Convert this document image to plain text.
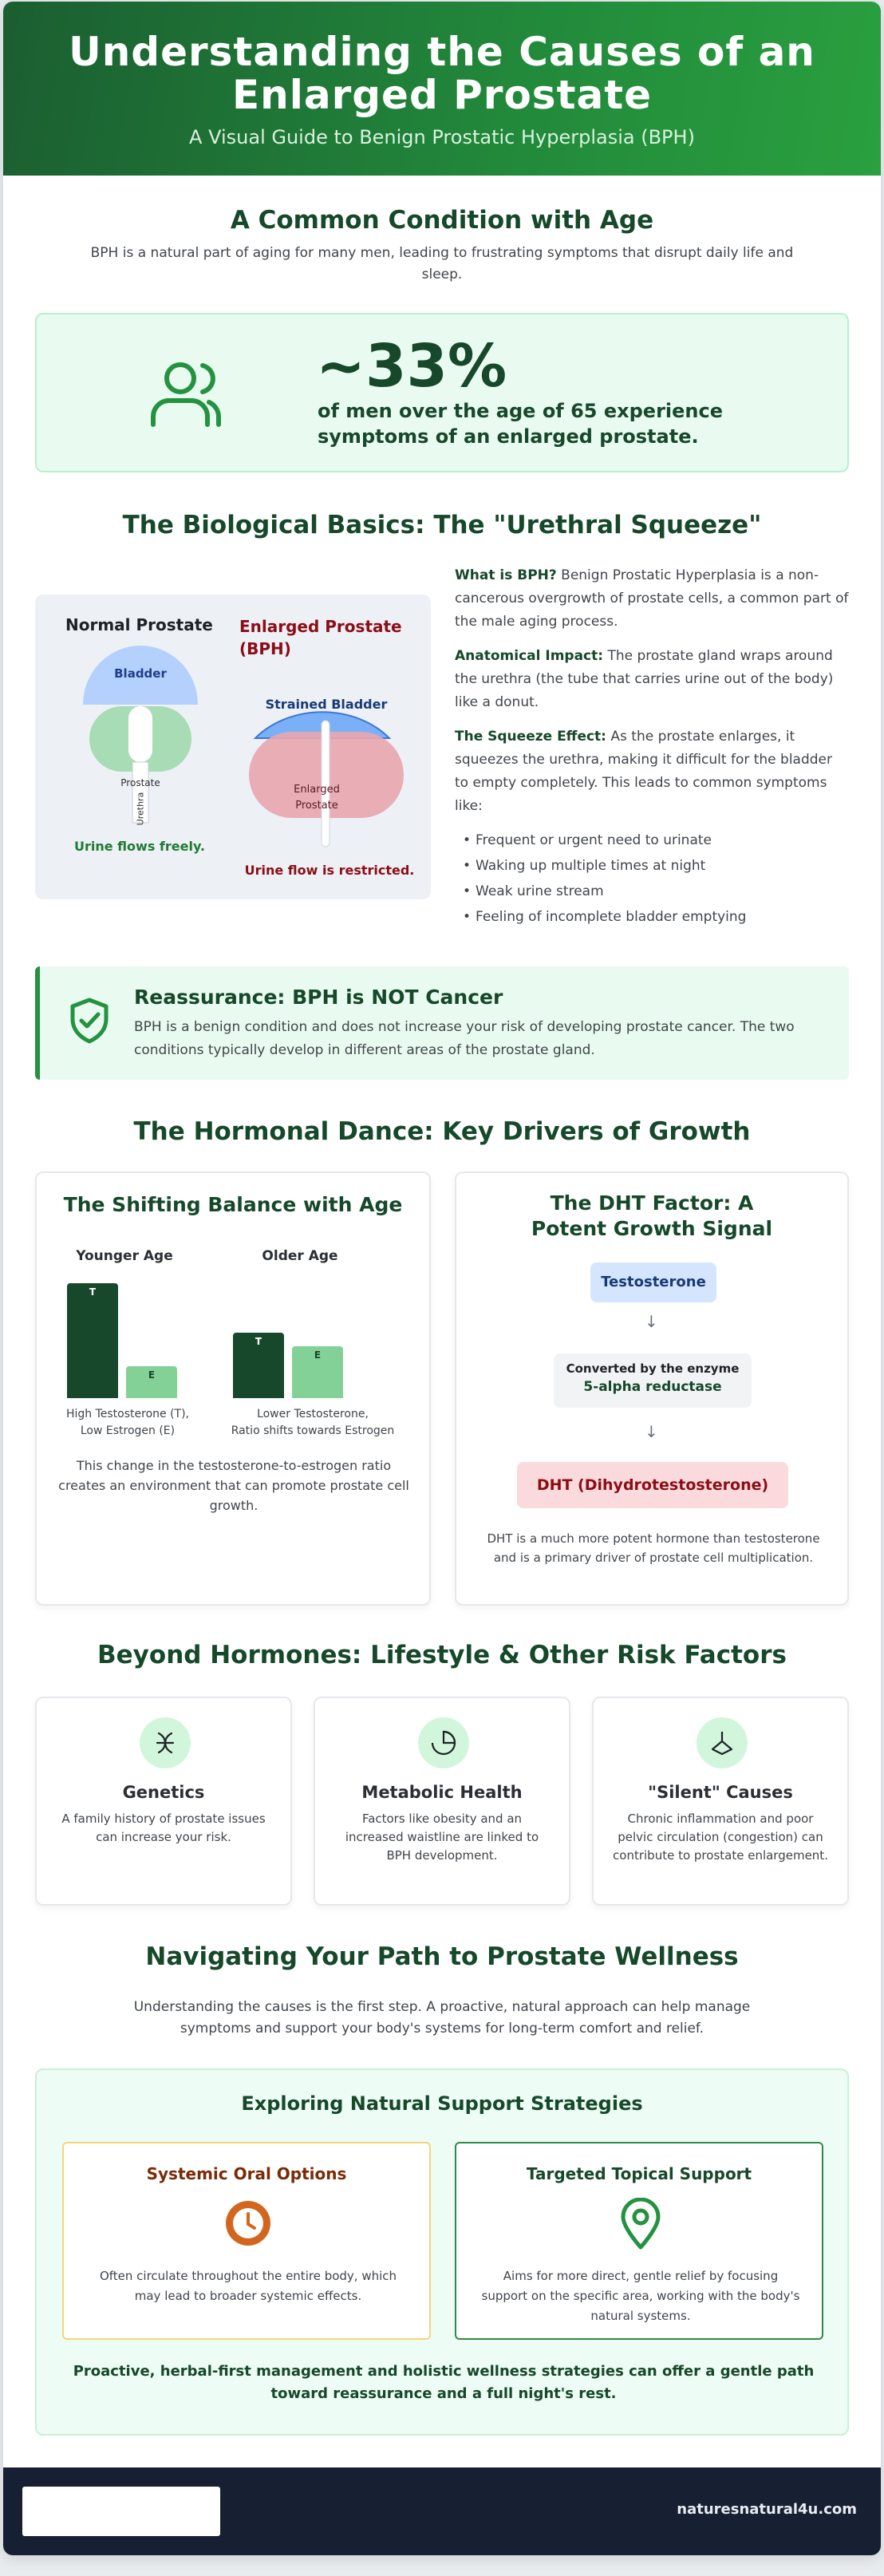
Understanding the Causes of an Enlarged Prostate

A Visual Guide to Benign Prostatic Hyperplasia (BPH)

A Common Condition with Age
BPH is a natural part of aging for many men, leading to frustrating symptoms that disrupt daily life and sleep.
~33%
of men over the age of 65 experience symptoms of an enlarged prostate.
The Biological Basics: The "Urethral Squeeze"
Normal Prostate Enlarged Prostate (BPH)
Bladder
Prostate
Urethra
Strained Bladder
Enlarged Prostate
Urine flows freely.
Urine flow is restricted.

What is BPH? Benign Prostatic Hyperplasia is a non-cancerous overgrowth of prostate cells, a common part of the male aging process.

Anatomical Impact: The prostate gland wraps around the urethra (the tube that carries urine out of the body) like a donut.

The Squeeze Effect: As the prostate enlarges, it squeezes the urethra, making it difficult for the bladder to empty completely. This leads to common symptoms like:

• Frequent or urgent need to urinate
• Waking up multiple times at night
• Weak urine stream
• Feeling of incomplete bladder emptying
Reassurance: BPH is NOT Cancer

BPH is a benign condition and does not increase your risk of developing prostate cancer. The two conditions typically develop in different areas of the prostate gland.

The Hormonal Dance: Key Drivers of Growth
The Shifting Balance with Age
Younger Age	Older Age
T
E
T
E
High Testosterone (T),
Low Estrogen (E)
Lower Testosterone,
Ratio shifts towards Estrogen
This change in the testosterone-to-estrogen ratio creates an environment that can promote prostate cell growth.
The DHT Factor: A Potent Growth Signal
Testosterone
↓
Converted by the enzyme
5-alpha reductase
↓
DHT (Dihydrotestosterone)
DHT is a much more potent hormone than testosterone and is a primary driver of prostate cell multiplication.
Beyond Hormones: Lifestyle & Other Risk Factors
Genetics

A family history of prostate issues can increase your risk.

Metabolic Health

Factors like obesity and an increased waistline are linked to BPH development.

"Silent" Causes

Chronic inflammation and poor pelvic circulation (congestion) can contribute to prostate enlargement.

Navigating Your Path to Prostate Wellness
Understanding the causes is the first step. A proactive, natural approach can help manage symptoms and support your body's systems for long-term comfort and relief.
Exploring Natural Support Strategies
Systemic Oral Options

Often circulate throughout the entire body, which may lead to broader systemic effects.

Targeted Topical Support

Aims for more direct, gentle relief by focusing support on the specific area, working with the body's natural systems.

Proactive, herbal-first management and holistic wellness strategies can offer a gentle path toward reassurance and a full night's rest.
naturesnatural4u.com
